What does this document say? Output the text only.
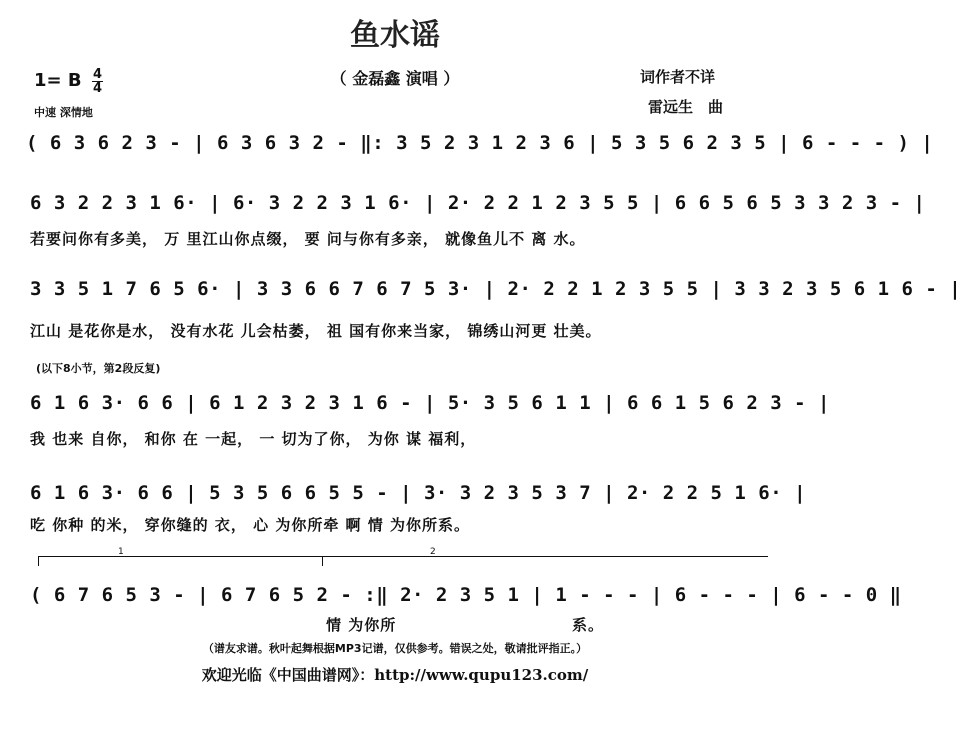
鱼水谣
（ 金磊鑫 演唱 ）	词作者不详
雷远生　曲
1= B 4
4
中速 深情地
( 6 3 6 2 3 - | 6 3 6 3 2 - ‖: 3 5 2 3 1 2 3 6 | 5 3 5 6 2 3 5 | 6 - - - ) |
6 3 2 2 3 1 6· | 6· 3 2 2 3 1 6· | 2· 2 2 1 2 3 5 5 | 6 6 5 6 5 3 3 2 3 - |
若要问你有多美， 万 里江山你点缀， 要 问与你有多亲， 就像鱼儿不 离 水。
3 3 5 1 7 6 5 6· | 3 3 6 6 7 6 7 5 3· | 2· 2 2 1 2 3 5 5 | 3 3 2 3 5 6 1 6 - |
江山 是花你是水， 没有水花 儿会枯萎， 祖 国有你来当家， 锦绣山河更 壮美。
(以下8小节，第2段反复)
6 1 6 3· 6 6 | 6 1 2 3 2 3 1 6 - | 5· 3 5 6 1 1 | 6 6 1 5 6 2 3 - |
我 也来 自你， 和你 在 一起， 一 切为了你， 为你 谋 福利，
6 1 6 3· 6 6 | 5 3 5 6 6 5 5 - | 3· 3 2 3 5 3 7 | 2· 2 2 5 1 6· |
吃 你种 的米， 穿你缝的 衣， 心 为你所牵 啊 情 为你所系。
1	2
( 6 7 6 5 3 - | 6 7 6 5 2 - :‖ 2· 2 3 5 1 | 1 - - - | 6 - - - | 6 - - 0 ‖
情 为你所	系。
（谱友求谱。秋叶起舞根据MP3记谱，仅供参考。错误之处，敬请批评指正。）
欢迎光临《中国曲谱网》：http://www.qupu123.com/
